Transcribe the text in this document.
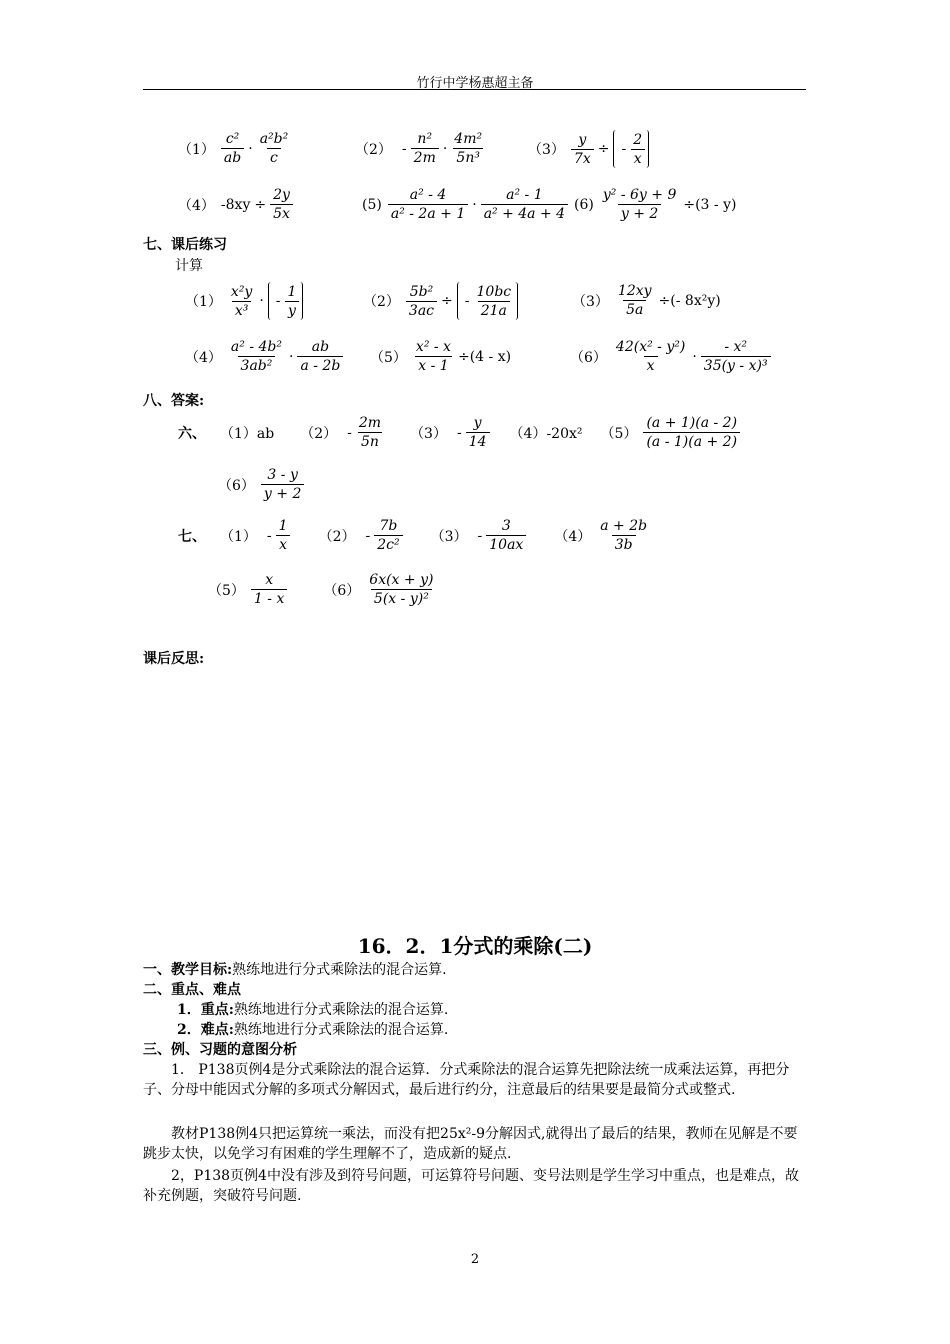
竹行中学杨惠超主备
$(1) \frac{\text{c²}}{ab} \cdot \frac{\text{a²b²}}{c}$	$(2) - \frac{\text{n²}}{2m} \cdot \frac{\text{4m²}}{\text{5n³}}$	$(3) \frac{y}{7x}$ ÷ - $\frac{2}{x}$
（4） $-8xy \div \frac{2y}{5x}$	$(5) \frac{\text{a² - 4}}{\text{a² - 2a + 1}} \cdot \frac{\text{a² - 1}}{\text{a² + 4a + 4}} (6) \frac{\text{y² - 6y + 9}}{y + 2} \div(3 - y)$
七、课后练习
计算
$(1) \frac{\text{x²y}}{\text{x³}}$ · - $\frac{1}{y}$	$(2) \frac{\text{5b²}}{3ac}$ ÷ - $\frac{10bc}{21a}$	$(3) \frac{12xy}{5a}$ ÷(- 8x²y)
$(4) \frac{\text{a² - 4b²}}{\text{3ab²}} \cdot \frac{ab}{a - 2b} (5) \frac{\text{x² - x}}{x - 1} \div(4 - x)$	$(6) \frac{\text{42(x² - y²)}}{x} \cdot \frac{\text{- x²}}{\text{35(y - x)³}}$
八、答案:
六、 （1）ab $(2) - \frac{2m}{5n} (3) - \frac{y}{14} (4)-20x^2$ $(5) \frac{(a + 1)(a - 2)}{(a - 1)(a + 2)}$
$(6) \frac{3 - y}{y + 2}$
七、 $(1) - \frac{1}{x} (2) - \frac{7b}{\text{2c²}} (3) - \frac{3}{10ax} (4) \frac{a + 2b}{3b}$
$(5) \frac{x}{1 - x}$	$(6) \frac{6x(x + y)}{\text{5(x - y)²}}$
课后反思:
16．2．1分式的乘除(二)
一、教学目标:熟练地进行分式乘除法的混合运算.
二、重点、难点
1．重点:熟练地进行分式乘除法的混合运算.
2．难点:熟练地进行分式乘除法的混合运算.
三、例、习题的意图分析
1． P138页例4是分式乘除法的混合运算．分式乘除法的混合运算先把除法统一成乘法运算，再把分子、分母中能因式分解的多项式分解因式，最后进行约分，注意最后的结果要是最简分式或整式.
教材P138例4只把运算统一乘法，而没有把25x²-9分解因式,就得出了最后的结果，教师在见解是不要跳步太快，以免学习有困难的学生理解不了，造成新的疑点.
2，P138页例4中没有涉及到符号问题，可运算符号问题、变号法则是学生学习中重点，也是难点，故补充例题，突破符号问题.
2
